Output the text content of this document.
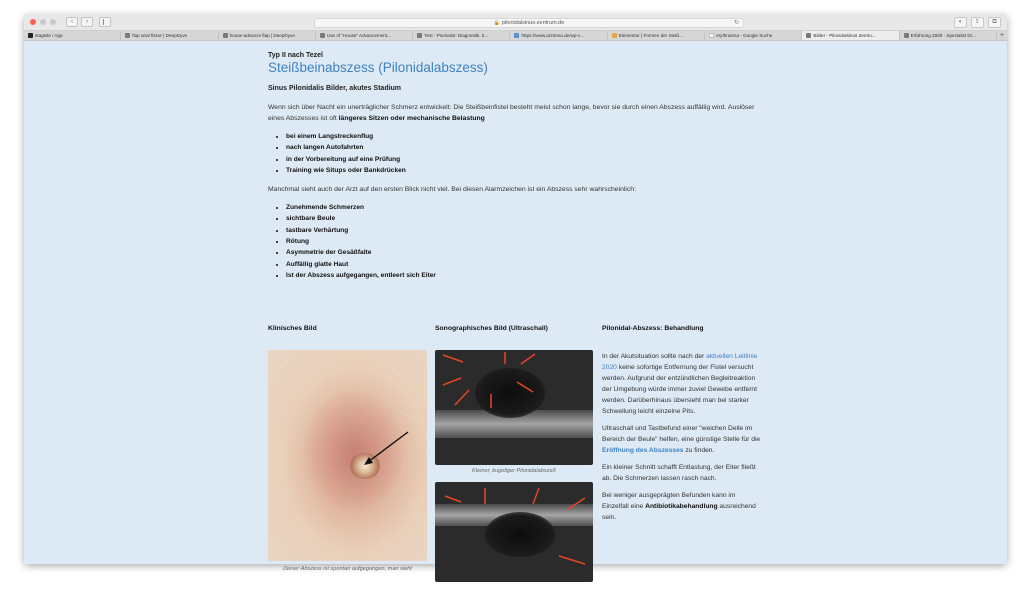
‹	›	🔒 pilonidalsinus-zentrum.de	↻	◐	⇪	⧉
stagsite / App	flap anal fissur | DeepDyve	house-advance flap | DeepDyve	Use of "House" Advancement...	Test - Psoriasis: Diagnostik, b...	https://www.arztoma.de/wp-c...	Elementor | Formen der Steiß...	erythrasma - Google Suche	Bilder - Pilonidalsinus Zentru...	Erfahrung Zählt - Spezialist Dr...	+
Typ II nach Tezel
Steißbeinabszess (Pilonidalabszess)
Sinus Pilonidalis Bilder, akutes Stadium

Wenn sich über Nacht ein unerträglicher Schmerz entwickelt: Die Steißbeinfistel besteht meist schon lange, bevor sie durch einen Abszess auffällig wird. Auslöser eines Abszesses ist oft längeres Sitzen oder mechanische Belastung

• bei einem Langstreckenflug
• nach langen Autofahrten
• in der Vorbereitung auf eine Prüfung
• Training wie Situps oder Bankdrücken

Manchmal sieht auch der Arzt auf den ersten Blick nicht viel. Bei diesen Alarmzeichen ist ein Abszess sehr wahrscheinlich:

• Zunehmende Schmerzen
• sichtbare Beule
• tastbare Verhärtung
• Rötung
• Asymmetrie der Gesäßfalte
• Auffällig glatte Haut
• Ist der Abszess aufgegangen, entleert sich Eiter
Klinisches Bild	Sonographisches Bild (Ultraschall)	Pilonidal-Abszess: Behandlung
Dieser Abszess ist spontan aufgegangen, man sieht
Kleiner, kugeliger Pilonidalabszeß

In der Akutsituation sollte nach der aktuellen Leitlinie 2020 keine sofortige Entfernung der Fistel versucht werden. Aufgrund der entzündlichen Begleitreaktion der Umgebung würde immer zuviel Gewebe entfernt werden. Darüberhinaus übersieht man bei starker Schwellung leicht einzelne Pits.

Ultraschall und Tastbefund einer "weichen Delle im Bereich der Beule" helfen, eine günstige Stelle für die Eröffnung des Abszesses zu finden.

Ein kleiner Schnitt schafft Entlastung, der Eiter fließt ab. Die Schmerzen lassen rasch nach.

Bei weniger ausgeprägten Befunden kann im Einzelfall eine Antibiotikabehandlung ausreichend sein.
